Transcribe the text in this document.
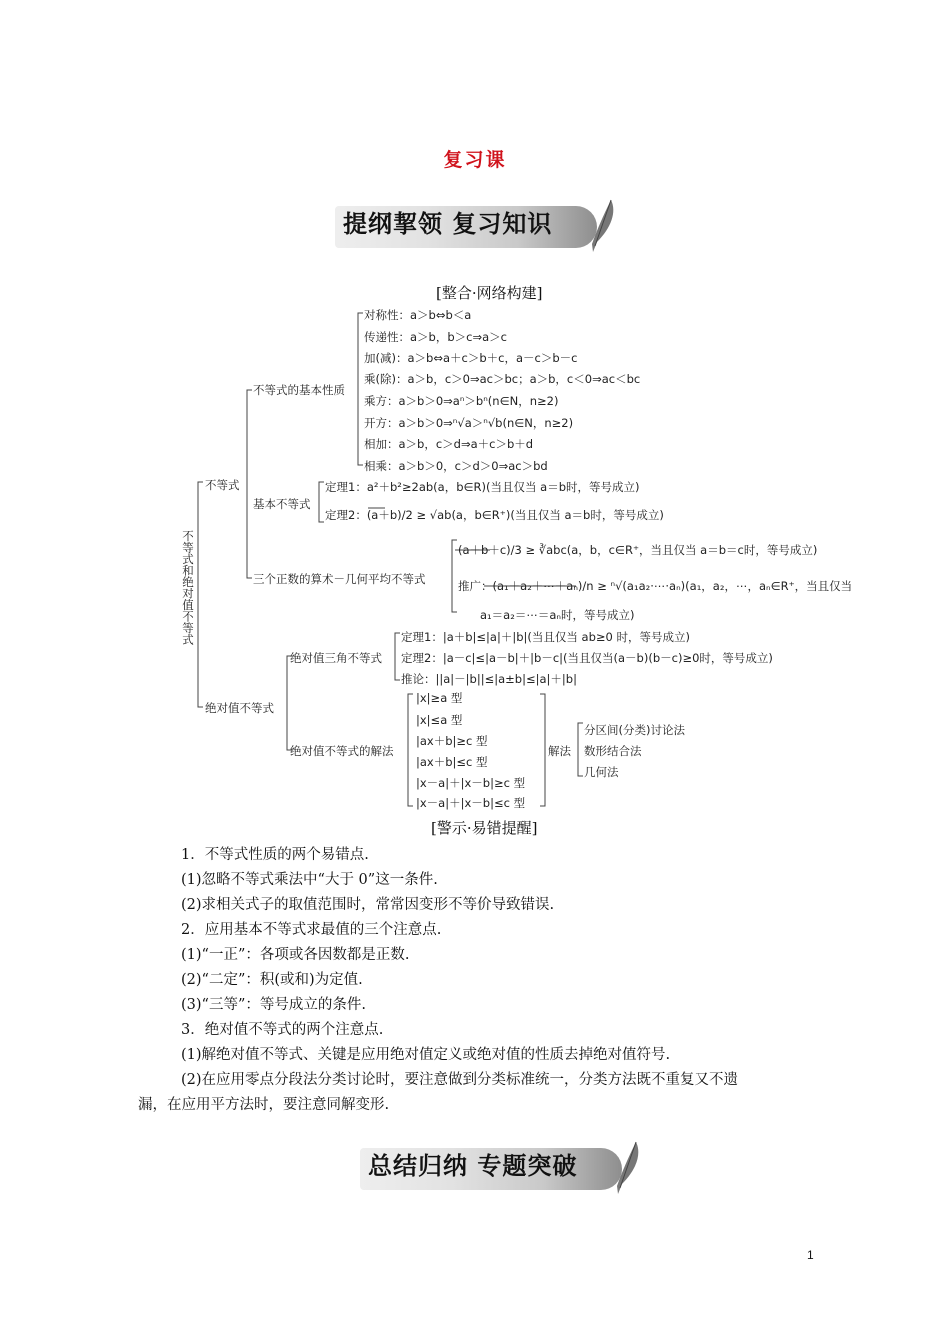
复习课
提纲挈领 复习知识
[整合·网络构建]
不等式和绝对值不等式
不等式
不等式的基本性质
对称性：a＞b⇔b＜a
传递性：a＞b，b＞c⇒a＞c
加(减)：a＞b⇔a＋c＞b＋c，a－c＞b－c
乘(除)：a＞b，c＞0⇒ac＞bc；a＞b，c＜0⇒ac＜bc
乘方：a＞b＞0⇒aⁿ＞bⁿ(n∈N，n≥2)
开方：a＞b＞0⇒ⁿ√a＞ⁿ√b(n∈N，n≥2)
相加：a＞b，c＞d⇒a＋c＞b＋d
相乘：a＞b＞0，c＞d＞0⇒ac＞bd
基本不等式
定理1：a²＋b²≥2ab(a，b∈R)(当且仅当 a＝b时，等号成立)
定理2：(a＋b)/2 ≥ √ab(a，b∈R⁺)(当且仅当 a＝b时，等号成立)
三个正数的算术－几何平均不等式
(a＋b＋c)/3 ≥ ∛abc(a，b，c∈R⁺，当且仅当 a＝b＝c时，等号成立)
推广：(a₁＋a₂＋⋯＋aₙ)/n ≥ ⁿ√(a₁a₂·⋯·aₙ)(a₁，a₂，⋯，aₙ∈R⁺，当且仅当
a₁＝a₂＝⋯＝aₙ时，等号成立)
绝对值不等式
绝对值三角不等式
定理1：|a＋b|≤|a|＋|b|(当且仅当 ab≥0 时，等号成立)
定理2：|a－c|≤|a－b|＋|b－c|(当且仅当(a－b)(b－c)≥0时，等号成立)
推论：||a|－|b||≤|a±b|≤|a|＋|b|
绝对值不等式的解法
|x|≥a 型
|x|≤a 型
|ax＋b|≥c 型
|ax＋b|≤c 型
|x－a|＋|x－b|≥c 型
|x－a|＋|x－b|≤c 型
解法
分区间(分类)讨论法
数形结合法
几何法
[警示·易错提醒]
1．不等式性质的两个易错点.
(1)忽略不等式乘法中“大于 0”这一条件.
(2)求相关式子的取值范围时，常常因变形不等价导致错误.
2．应用基本不等式求最值的三个注意点.
(1)“一正”：各项或各因数都是正数.
(2)“二定”：积(或和)为定值.
(3)“三等”：等号成立的条件.
3．绝对值不等式的两个注意点.
(1)解绝对值不等式、关键是应用绝对值定义或绝对值的性质去掉绝对值符号.
(2)在应用零点分段法分类讨论时，要注意做到分类标准统一，分类方法既不重复又不遗
漏，在应用平方法时，要注意同解变形.
总结归纳 专题突破
1
